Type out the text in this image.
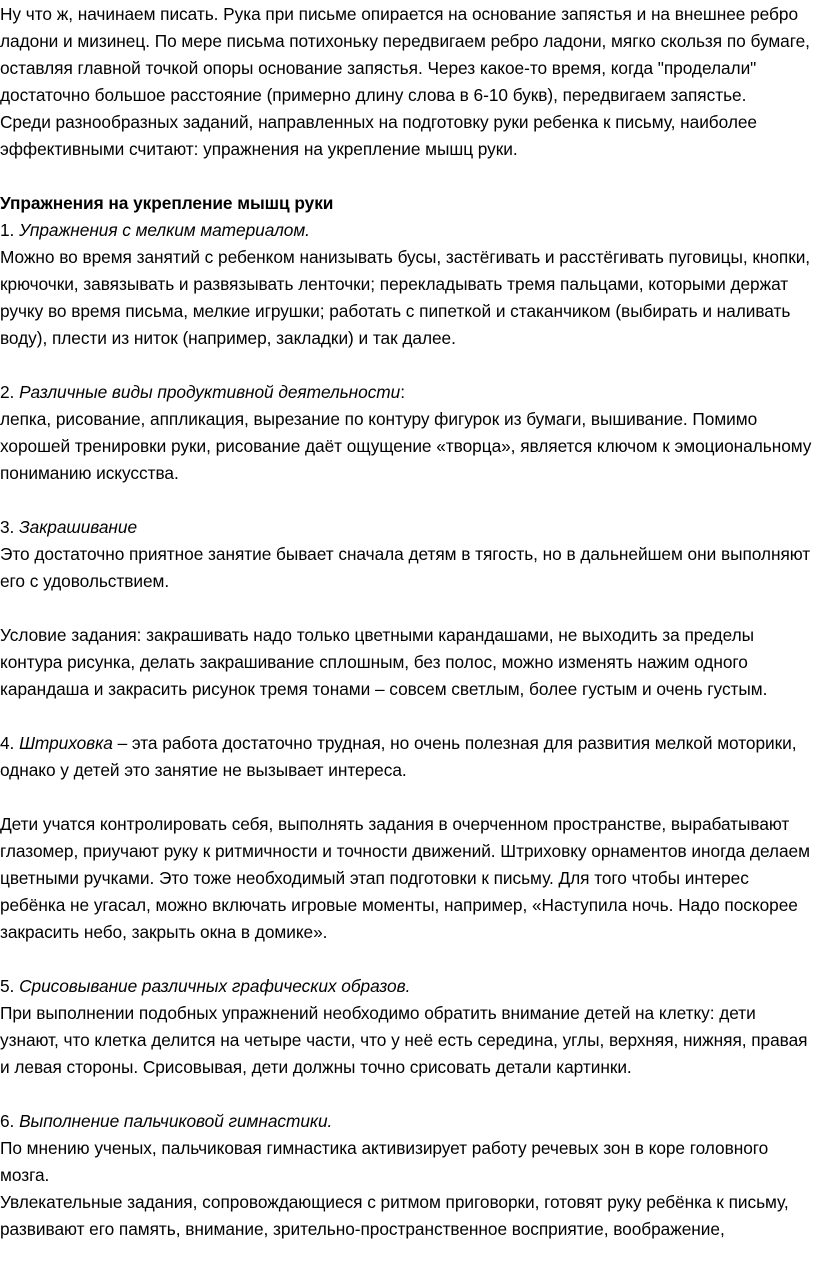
Ну что ж, начинаем писать. Рука при письме опирается на основание запястья и на внешнее ребро ладони и мизинец. По мере письма потихоньку передвигаем ребро ладони, мягко скользя по бумаге, оставляя главной точкой опоры основание запястья. Через какое-то время, когда "проделали" достаточно большое расстояние (примерно длину слова в 6-10 букв), передвигаем запястье.

Среди разнообразных заданий, направленных на подготовку руки ребенка к письму, наиболее эффективными считают: упражнения на укрепление мышц руки.

Упражнения на укрепление мышц руки

1. Упражнения с мелким материалом.

Можно во время занятий с ребенком нанизывать бусы, застёгивать и расстёгивать пуговицы, кнопки, крючочки, завязывать и развязывать ленточки; перекладывать тремя пальцами, которыми держат ручку во время письма, мелкие игрушки; работать с пипеткой и стаканчиком (выбирать и наливать воду), плести из ниток (например, закладки) и так далее.

2. Различные виды продуктивной деятельности:

лепка, рисование, аппликация, вырезание по контуру фигурок из бумаги, вышивание. Помимо хорошей тренировки руки, рисование даёт ощущение «творца», является ключом к эмоциональному пониманию искусства.

3. Закрашивание

Это достаточно приятное занятие бывает сначала детям в тягость, но в дальнейшем они выполняют его с удовольствием.

Условие задания: закрашивать надо только цветными карандашами, не выходить за пределы контура рисунка, делать закрашивание сплошным, без полос, можно изменять нажим одного карандаша и закрасить рисунок тремя тонами – совсем светлым, более густым и очень густым.

4. Штриховка – эта работа достаточно трудная, но очень полезная для развития мелкой моторики, однако у детей это занятие не вызывает интереса.

Дети учатся контролировать себя, выполнять задания в очерченном пространстве, вырабатывают глазомер, приучают руку к ритмичности и точности движений. Штриховку орнаментов иногда делаем цветными ручками. Это тоже необходимый этап подготовки к письму. Для того чтобы интерес ребёнка не угасал, можно включать игровые моменты, например, «Наступила ночь. Надо поскорее закрасить небо, закрыть окна в домике».

5. Срисовывание различных графических образов.

При выполнении подобных упражнений необходимо обратить внимание детей на клетку: дети узнают, что клетка делится на четыре части, что у неё есть середина, углы, верхняя, нижняя, правая и левая стороны. Срисовывая, дети должны точно срисовать детали картинки.

6. Выполнение пальчиковой гимнастики.

По мнению ученых, пальчиковая гимнастика активизирует работу речевых зон в коре головного мозга.

Увлекательные задания, сопровождающиеся с ритмом приговорки, готовят руку ребёнка к письму, развивают его память, внимание, зрительно-пространственное восприятие, воображение,
